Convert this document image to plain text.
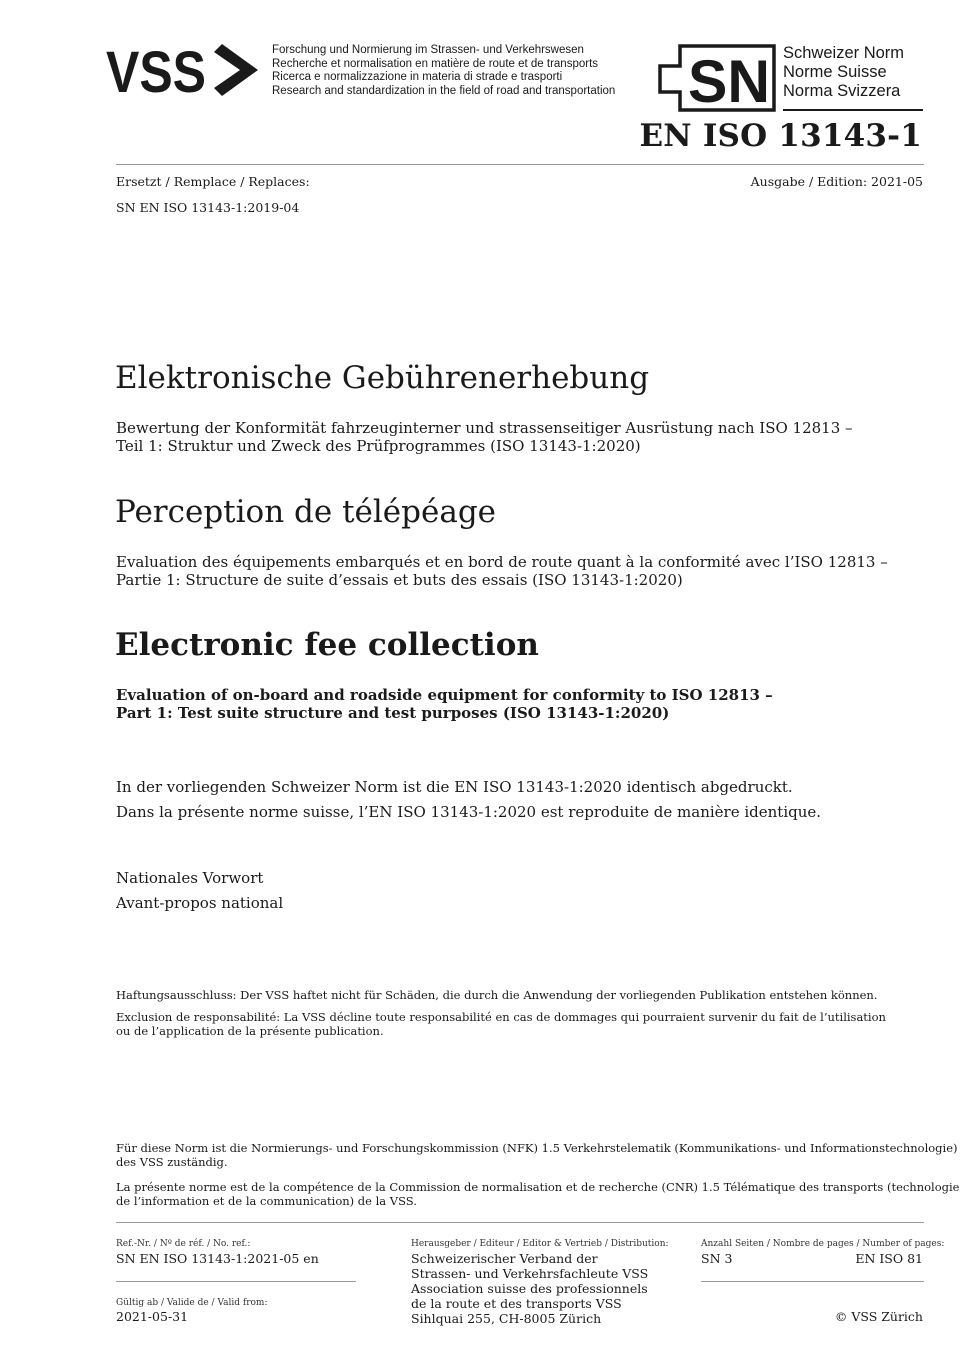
VSS	Forschung und Normierung im Strassen- und Verkehrswesen
Recherche et normalisation en matière de route et de transports
Ricerca e normalizzazione in materia di strade e trasporti
Research and standardization in the field of road and transportation SN Schweizer Norm
Norme Suisse
Norma Svizzera
EN ISO 13143-1
Ersetzt / Remplace / Replaces:	Ausgabe / Edition: 2021-05
SN EN ISO 13143-1:2019-04
Elektronische Gebührenerhebung
Bewertung der Konformität fahrzeuginterner und strassenseitiger Ausrüstung nach ISO 12813 –
Teil 1: Struktur und Zweck des Prüfprogrammes (ISO 13143-1:2020)
Perception de télépéage
Evaluation des équipements embarqués et en bord de route quant à la conformité avec l’ISO 12813 –
Partie 1: Structure de suite d’essais et buts des essais (ISO 13143-1:2020)
Electronic fee collection
Evaluation of on-board and roadside equipment for conformity to ISO 12813 –
Part 1: Test suite structure and test purposes (ISO 13143-1:2020)
In der vorliegenden Schweizer Norm ist die EN ISO 13143-1:2020 identisch abgedruckt.
Dans la présente norme suisse, l’EN ISO 13143-1:2020 est reproduite de manière identique.
Nationales Vorwort
Avant-propos national
Haftungsausschluss: Der VSS haftet nicht für Schäden, die durch die Anwendung der vorliegenden Publikation entstehen können.
Exclusion de responsabilité: La VSS décline toute responsabilité en cas de dommages qui pourraient survenir du fait de l’utilisation
ou de l’application de la présente publication.
Für diese Norm ist die Normierungs- und Forschungskommission (NFK) 1.5 Verkehrstelematik (Kommunikations- und Informationstechnologie)
des VSS zuständig.
La présente norme est de la compétence de la Commission de normalisation et de recherche (CNR) 1.5 Télématique des transports (technologie
de l’information et de la communication) de la VSS.
Ref.-Nr. / Nº de réf. / No. ref.:
SN EN ISO 13143-1:2021-05 en
Gültig ab / Valide de / Valid from:
2021-05-31
Herausgeber / Editeur / Editor & Vertrieb / Distribution:
Schweizerischer Verband der
Strassen- und Verkehrsfachleute VSS
Association suisse des professionnels
de la route et des transports VSS
Sihlquai 255, CH-8005 Zürich
Anzahl Seiten / Nombre de pages / Number of pages:
SN 3	EN ISO 81
© VSS Zürich
